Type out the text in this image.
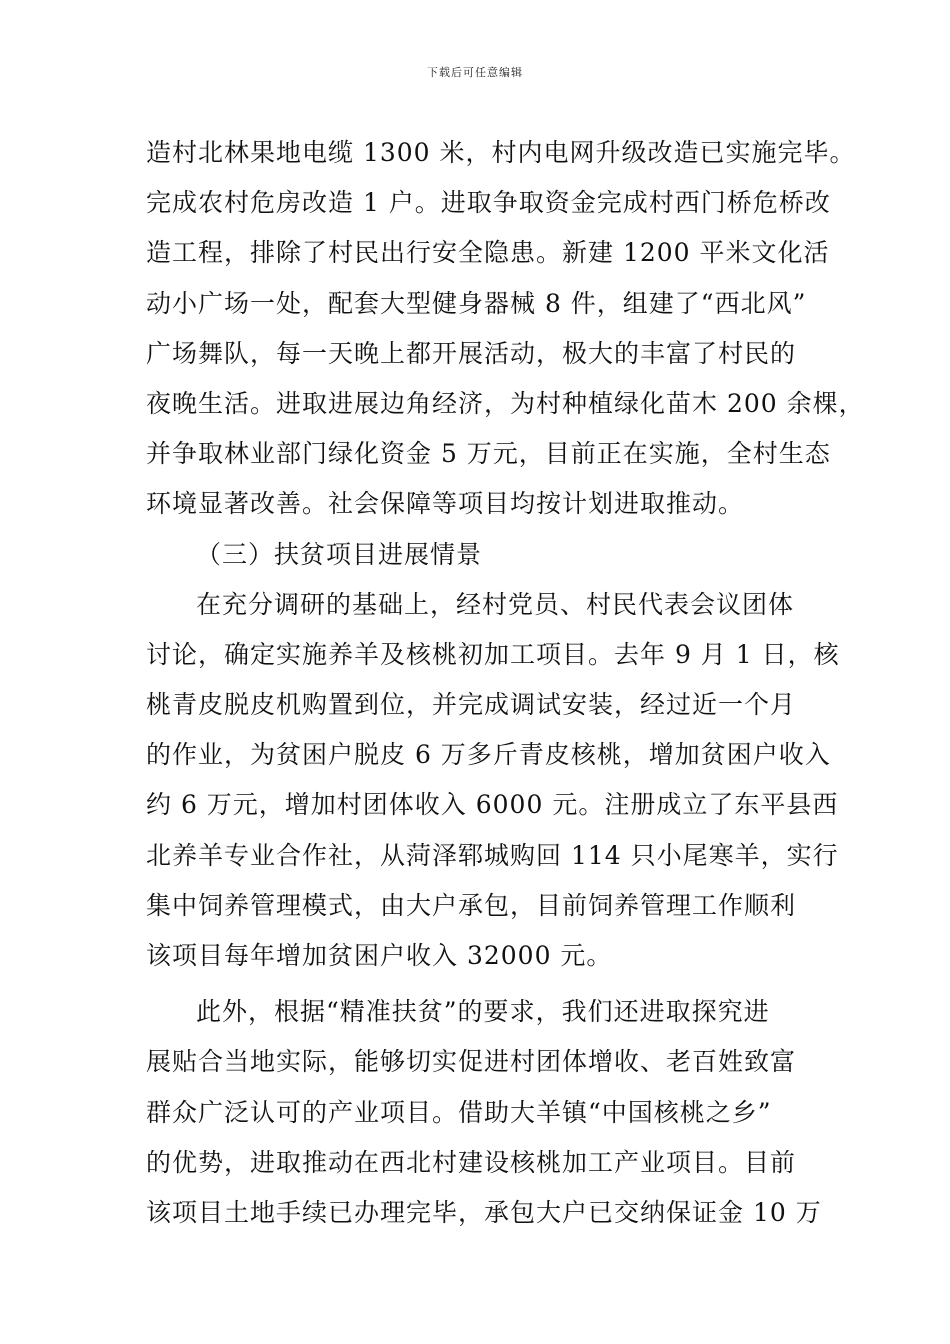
下载后可任意编辑
造村北林果地电缆 1300 米，村内电网升级改造已实施完毕。
完成农村危房改造 1 户。进取争取资金完成村西门桥危桥改
造工程，排除了村民出行安全隐患。新建 1200 平米文化活
动小广场一处，配套大型健身器械 8 件，组建了“西北风”
广场舞队，每一天晚上都开展活动，极大的丰富了村民的
夜晚生活。进取进展边角经济，为村种植绿化苗木 200 余棵，
并争取林业部门绿化资金 5 万元，目前正在实施，全村生态
环境显著改善。社会保障等项目均按计划进取推动。
（三）扶贫项目进展情景
在充分调研的基础上，经村党员、村民代表会议团体
讨论，确定实施养羊及核桃初加工项目。去年 9 月 1 日，核
桃青皮脱皮机购置到位，并完成调试安装，经过近一个月
的作业，为贫困户脱皮 6 万多斤青皮核桃，增加贫困户收入
约 6 万元，增加村团体收入 6000 元。注册成立了东平县西
北养羊专业合作社，从菏泽郓城购回 114 只小尾寒羊，实行
集中饲养管理模式，由大户承包，目前饲养管理工作顺利
该项目每年增加贫困户收入 32000 元。
此外，根据“精准扶贫”的要求，我们还进取探究进
展贴合当地实际，能够切实促进村团体增收、老百姓致富
群众广泛认可的产业项目。借助大羊镇“中国核桃之乡”
的优势，进取推动在西北村建设核桃加工产业项目。目前
该项目土地手续已办理完毕，承包大户已交纳保证金 10 万
